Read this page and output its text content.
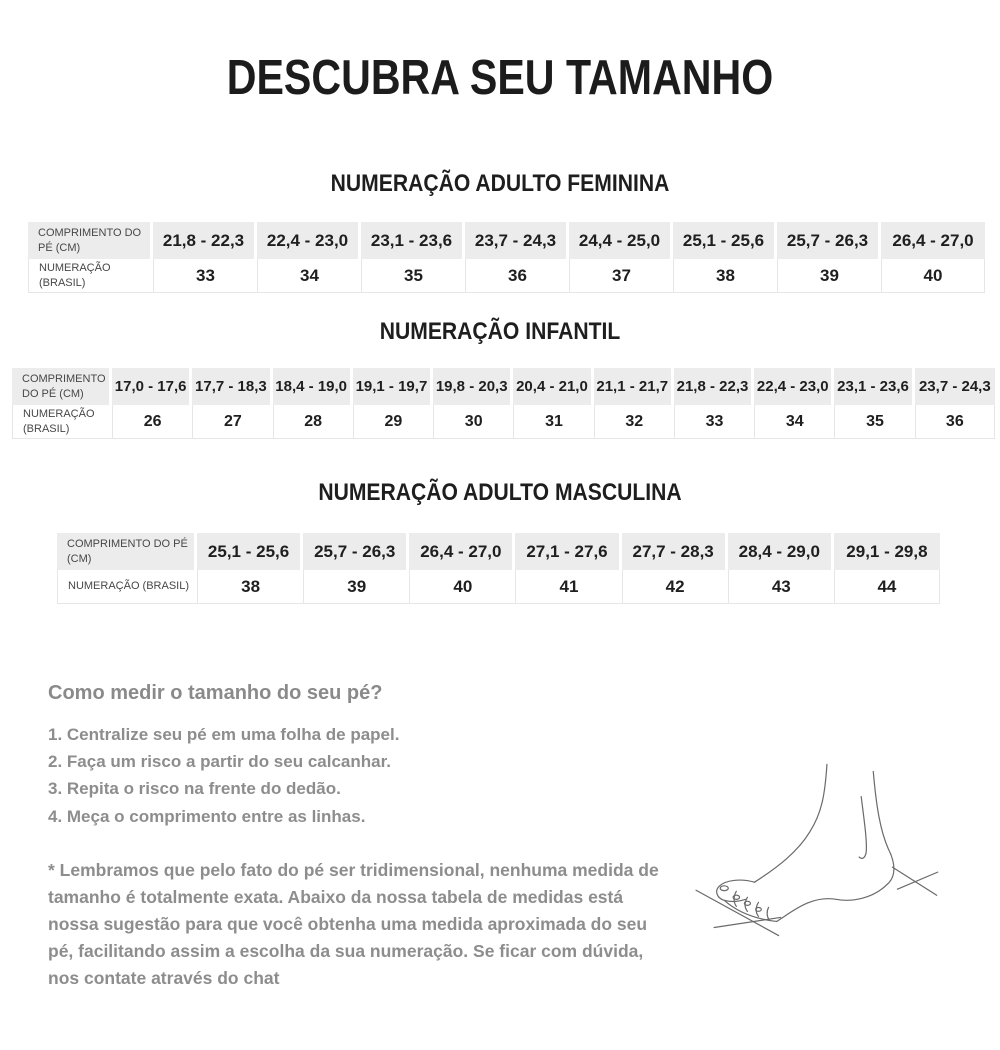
DESCUBRA SEU TAMANHO
NUMERAÇÃO ADULTO FEMININA
COMPRIMENTO DO PÉ (CM)	21,8 - 22,3	22,4 - 23,0	23,1 - 23,6	23,7 - 24,3	24,4 - 25,0	25,1 - 25,6	25,7 - 26,3	26,4 - 27,0
NUMERAÇÃO (BRASIL)	33	34	35	36	37	38	39	40
NUMERAÇÃO INFANTIL
COMPRIMENTO DO PÉ (CM)	17,0 - 17,6	17,7 - 18,3	18,4 - 19,0	19,1 - 19,7	19,8 - 20,3	20,4 - 21,0	21,1 - 21,7	21,8 - 22,3	22,4 - 23,0	23,1 - 23,6	23,7 - 24,3
NUMERAÇÃO (BRASIL)	26	27	28	29	30	31	32	33	34	35	36
NUMERAÇÃO ADULTO MASCULINA
COMPRIMENTO DO PÉ (CM)	25,1 - 25,6	25,7 - 26,3	26,4 - 27,0	27,1 - 27,6	27,7 - 28,3	28,4 - 29,0	29,1 - 29,8
NUMERAÇÃO (BRASIL)	38	39	40	41	42	43	44
Como medir o tamanho do seu pé?
1. Centralize seu pé em uma folha de papel.
2. Faça um risco a partir do seu calcanhar.
3. Repita o risco na frente do dedão.
4. Meça o comprimento entre as linhas.

* Lembramos que pelo fato do pé ser tridimensional, nenhuma medida de tamanho é totalmente exata. Abaixo da nossa tabela de medidas está nossa sugestão para que você obtenha uma medida aproximada do seu pé, facilitando assim a escolha da sua numeração. Se ficar com dúvida, nos contate através do chat
